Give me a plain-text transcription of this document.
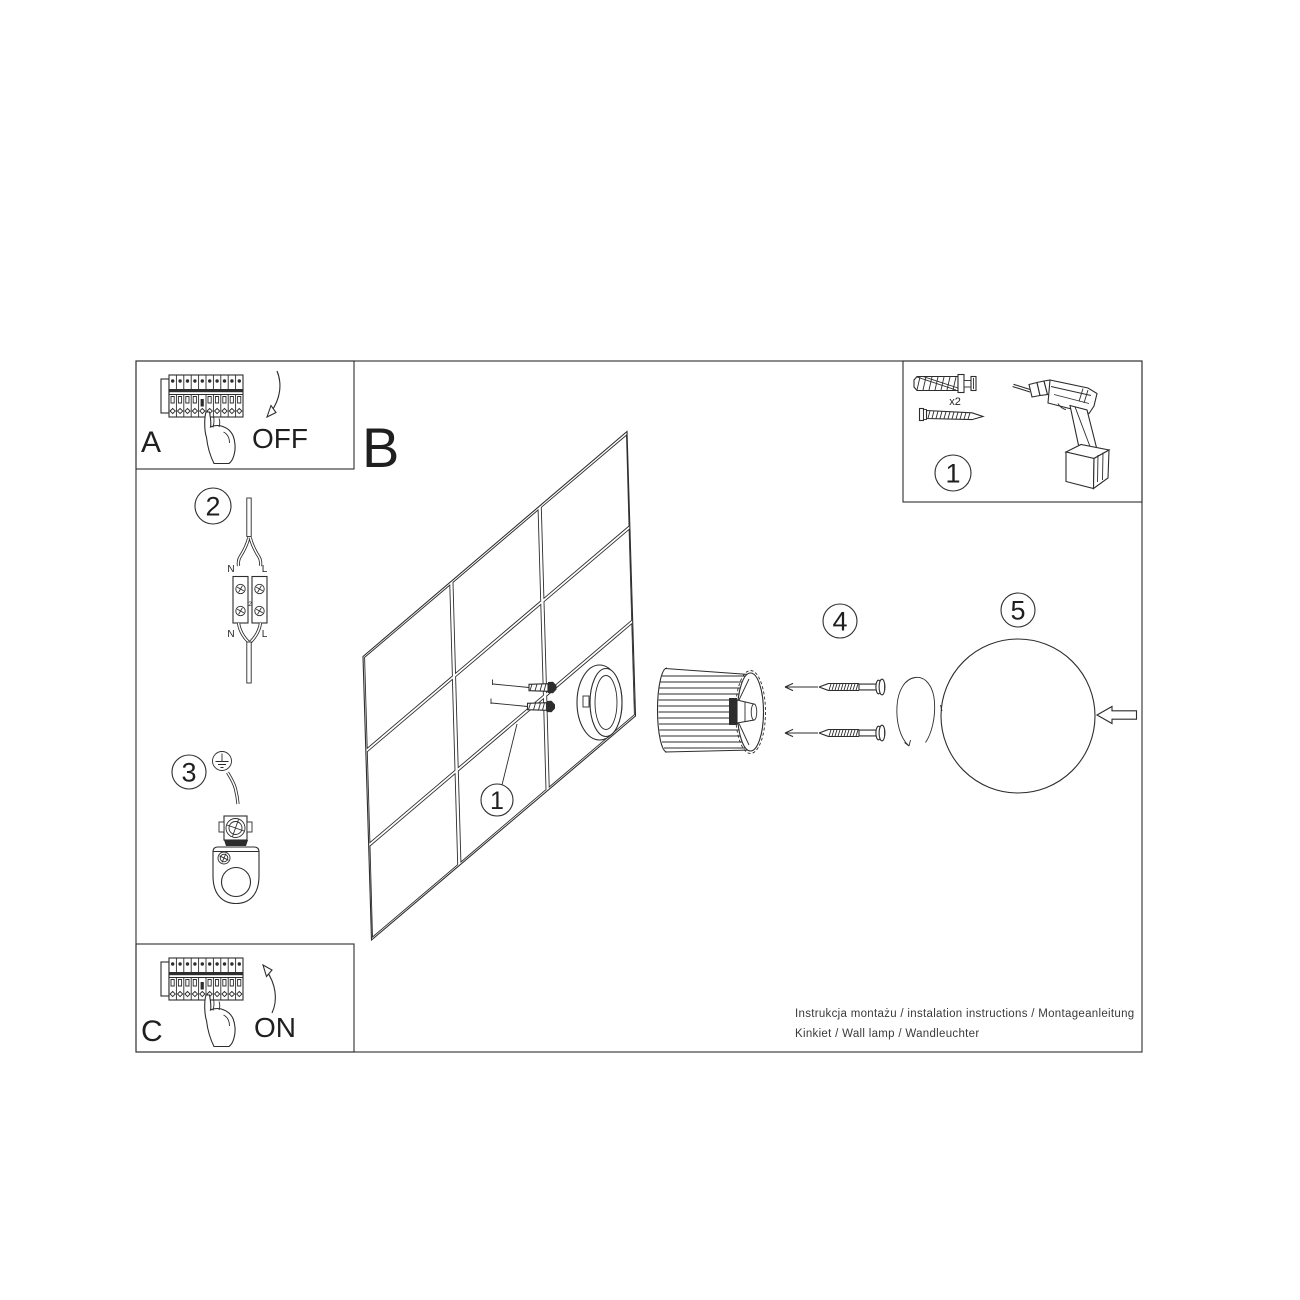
A	OFF
C	ON
B
2
N	L
2
N	L
3
x2
1
1
4	5
Instrukcja montażu / instalation instructions / Montageanleitung
Kinkiet / Wall lamp / Wandleuchter
